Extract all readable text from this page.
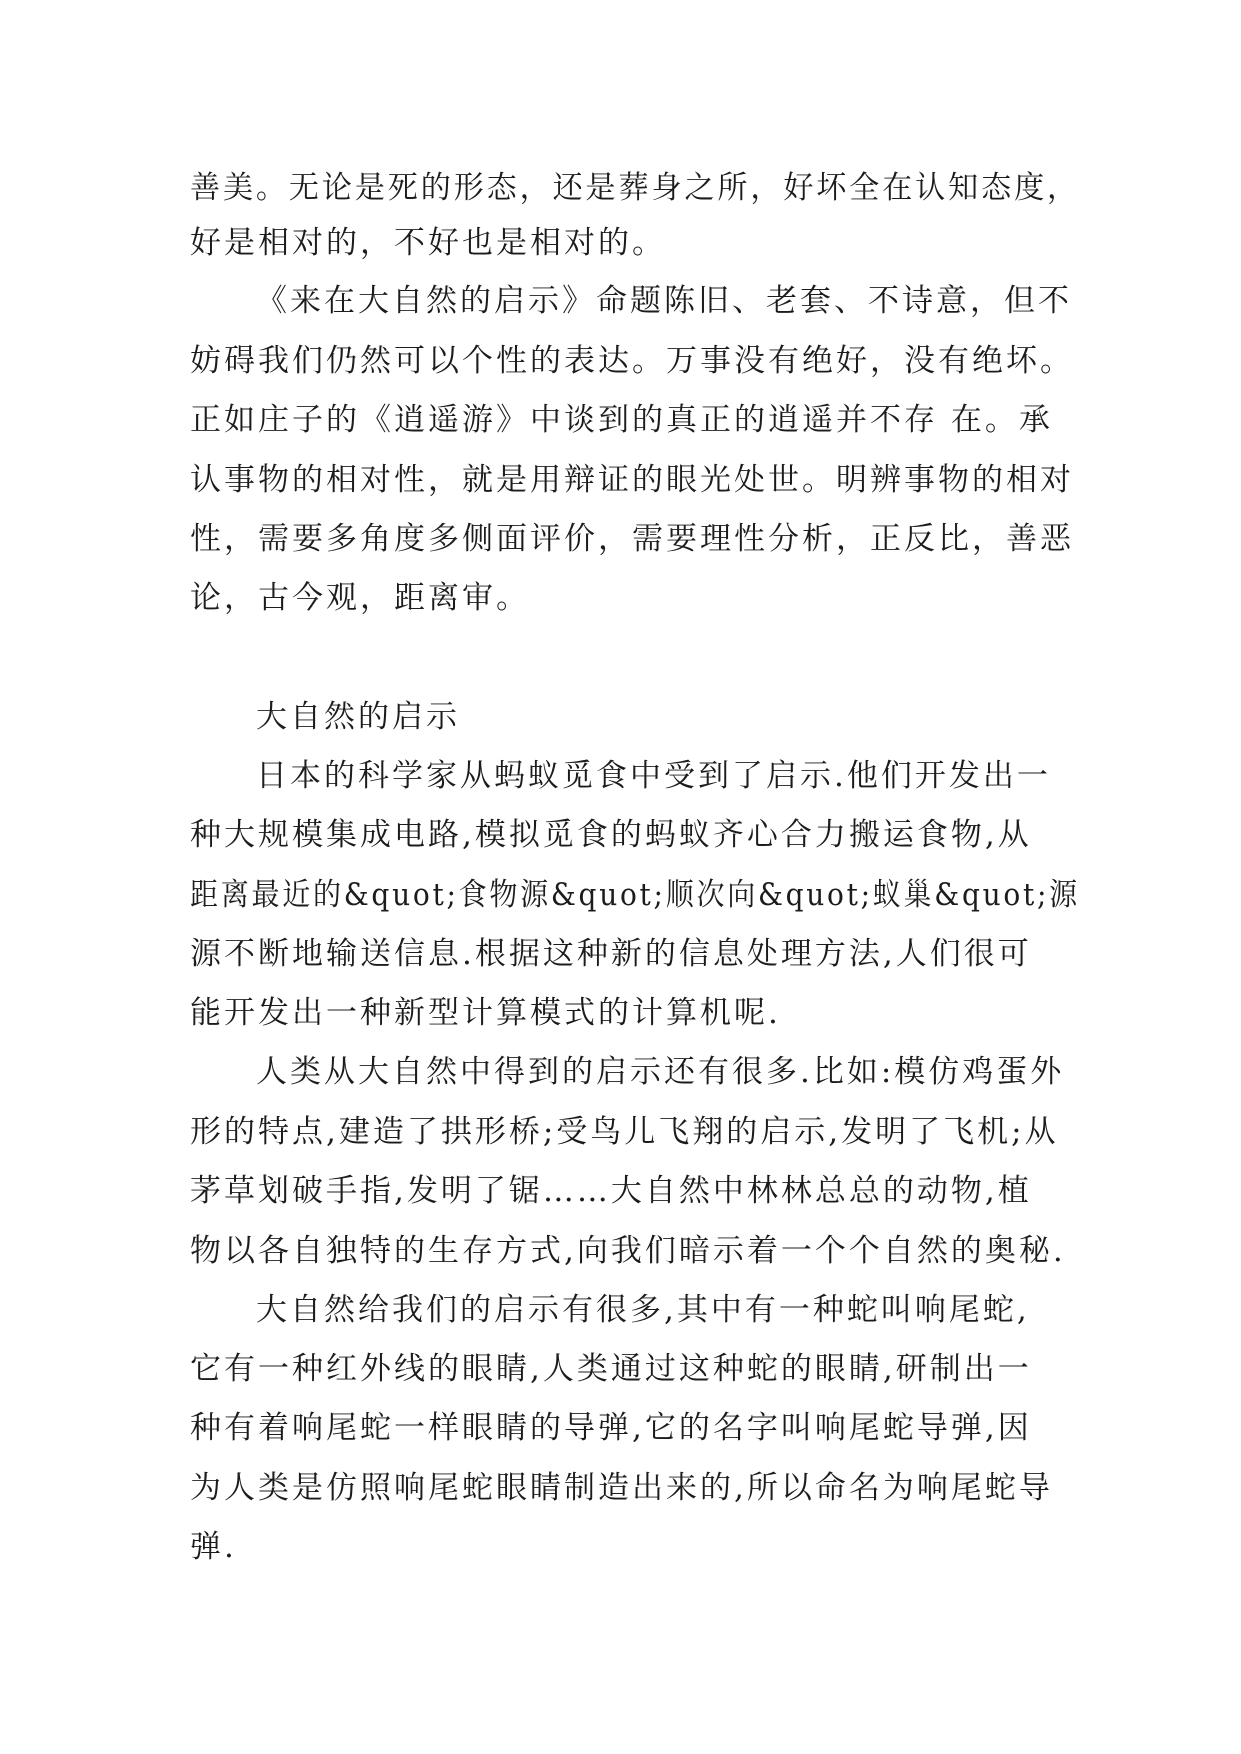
善美。无论是死的形态，还是葬身之所，好坏全在认知态度，
好是相对的，不好也是相对的。
《来在大自然的启示》命题陈旧、老套、不诗意，但不
妨碍我们仍然可以个性的表达。万事没有绝好，没有绝坏。
正如庄子的《逍遥游》中谈到的真正的逍遥并不存 在。承
认事物的相对性，就是用辩证的眼光处世。明辨事物的相对
性，需要多角度多侧面评价，需要理性分析，正反比，善恶
论，古今观，距离审。
大自然的启示
日本的科学家从蚂蚁觅食中受到了启示.他们开发出一
种大规模集成电路,模拟觅食的蚂蚁齐心合力搬运食物,从
距离最近的&quot;食物源&quot;顺次向&quot;蚁巢&quot;源
源不断地输送信息.根据这种新的信息处理方法,人们很可
能开发出一种新型计算模式的计算机呢.
人类从大自然中得到的启示还有很多.比如:模仿鸡蛋外
形的特点,建造了拱形桥;受鸟儿飞翔的启示,发明了飞机;从
茅草划破手指,发明了锯……大自然中林林总总的动物,植
物以各自独特的生存方式,向我们暗示着一个个自然的奥秘.
大自然给我们的启示有很多,其中有一种蛇叫响尾蛇,
它有一种红外线的眼睛,人类通过这种蛇的眼睛,研制出一
种有着响尾蛇一样眼睛的导弹,它的名字叫响尾蛇导弹,因
为人类是仿照响尾蛇眼睛制造出来的,所以命名为响尾蛇导
弹.
